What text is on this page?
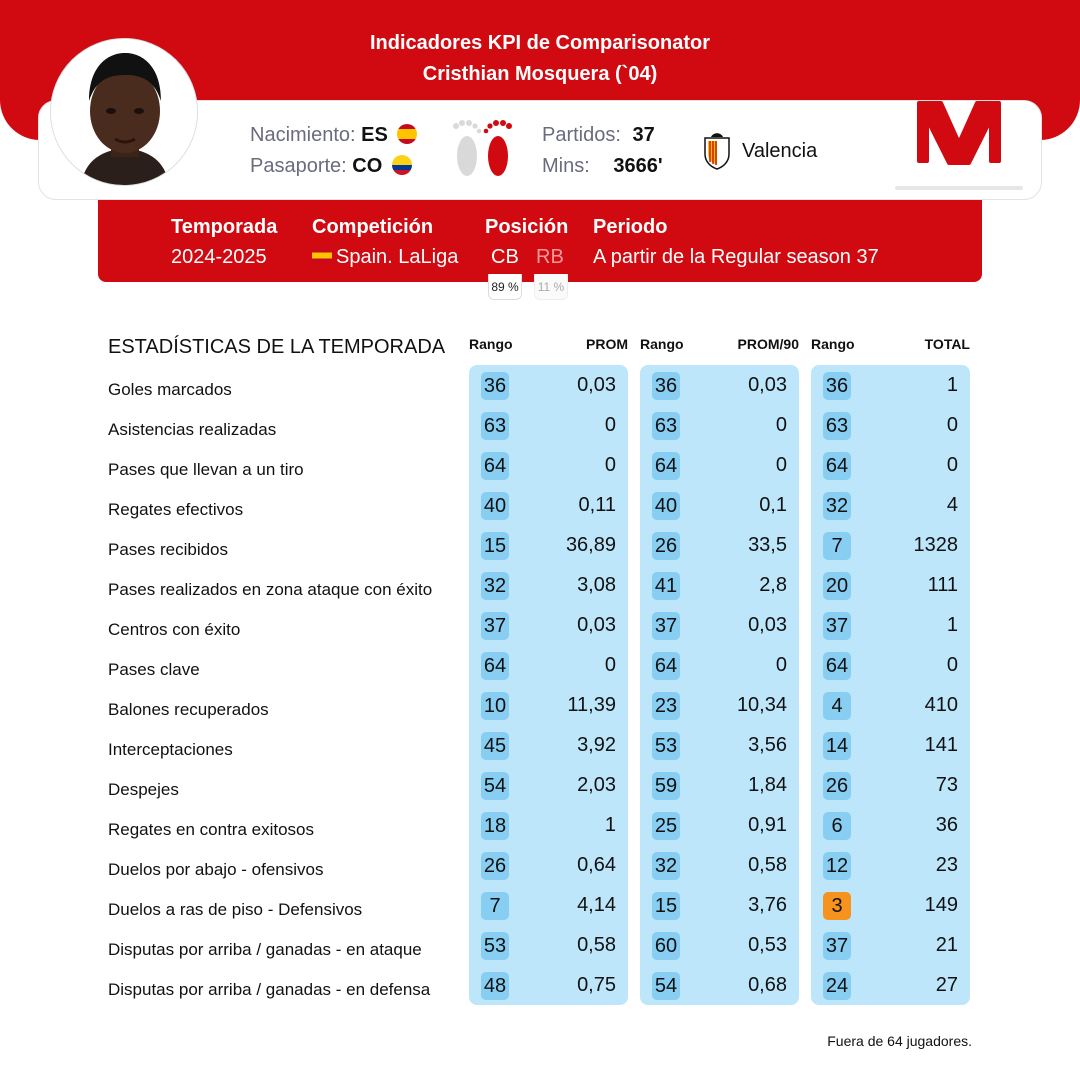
Indicadores KPI de Comparisonator
Cristhian Mosquera (`04)
Nacimiento: ES
Pasaporte: CO
Partidos: 37
Mins: 3666'
Valencia
Temporada
2024-2025
Competición
Spain. LaLiga
Posición
CB RB
Periodo
A partir de la Regular season 37
89 %	11 %
ESTADÍSTICAS DE LA TEMPORADA Rango	PROM Rango	PROM/90 Rango	TOTAL
Goles marcados	36	0,03 36	0,03 36	1
Asistencias realizadas	63	0 63	0 63	0
Pases que llevan a un tiro	64	0 64	0 64	0
Regates efectivos	40	0,11 40	0,1 32	4
Pases recibidos	15	36,89 26	33,5	7	1328
Pases realizados en zona ataque con éxito	32	3,08 41	2,8 20	111
Centros con éxito	37	0,03 37	0,03 37	1
Pases clave	64	0 64	0 64	0
Balones recuperados	10	11,39 23	10,34	4	410
Interceptaciones	45	3,92 53	3,56 14	141
Despejes	54	2,03 59	1,84 26	73
Regates en contra exitosos	18	1 25	0,91	6	36
Duelos por abajo - ofensivos	26	0,64 32	0,58 12	23
Duelos a ras de piso - Defensivos	7	4,14 15	3,76	3	149
Disputas por arriba / ganadas - en ataque	53	0,58 60	0,53 37	21
Disputas por arriba / ganadas - en defensa	48	0,75 54	0,68 24	27
Fuera de 64 jugadores.
